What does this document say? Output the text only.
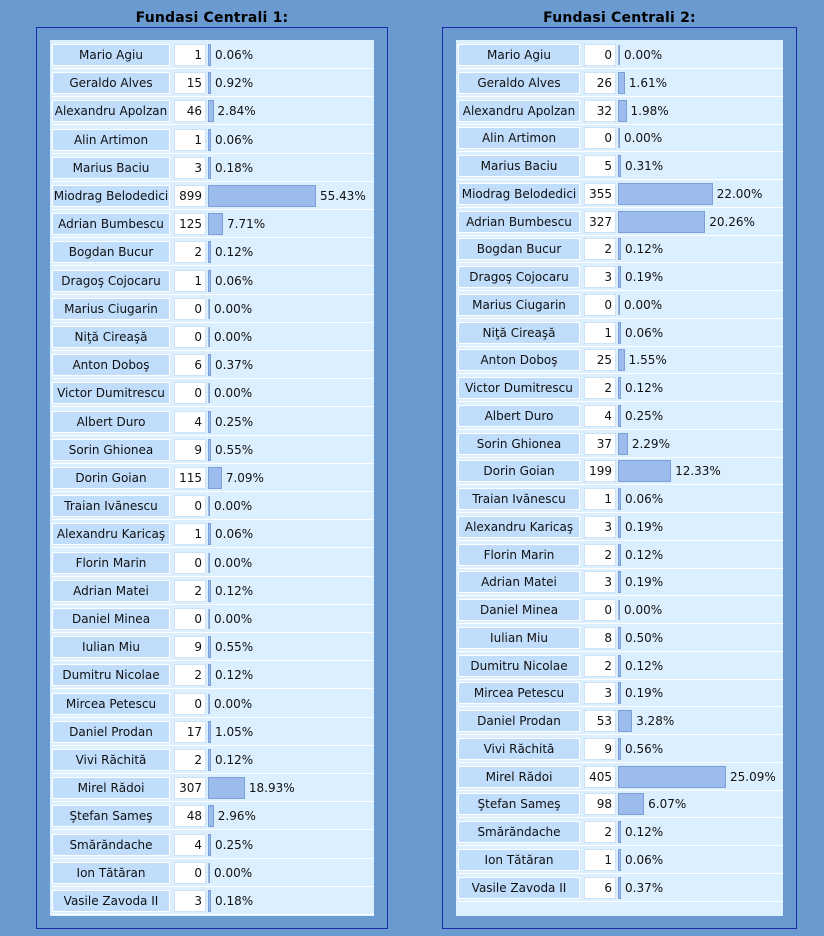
Fundasi Centrali 1:
Mario Agiu	1	0.06%
Geraldo Alves	15	0.92%
Alexandru Apolzan	46	2.84%
Alin Artimon	1	0.06%
Marius Baciu	3	0.18%
Miodrag Belodedici 899	55.43%
Adrian Bumbescu	125	7.71%
Bogdan Bucur	2	0.12%
Dragoş Cojocaru	1	0.06%
Marius Ciugarin	0	0.00%
Niţă Cireaşă	0	0.00%
Anton Doboş	6	0.37%
Victor Dumitrescu	0	0.00%
Albert Duro	4	0.25%
Sorin Ghionea	9	0.55%
Dorin Goian	115	7.09%
Traian Ivănescu	0	0.00%
Alexandru Karicaş	1	0.06%
Florin Marin	0	0.00%
Adrian Matei	2	0.12%
Daniel Minea	0	0.00%
Iulian Miu	9	0.55%
Dumitru Nicolae	2	0.12%
Mircea Petescu	0	0.00%
Daniel Prodan	17	1.05%
Vivi Răchită	2	0.12%
Mirel Rădoi	307	18.93%
Ştefan Sameş	48	2.96%
Smărăndache	4	0.25%
Ion Tătăran	0	0.00%
Vasile Zavoda II	3	0.18%
Fundasi Centrali 2:
Mario Agiu	0	0.00%
Geraldo Alves	26	1.61%
Alexandru Apolzan	32	1.98%
Alin Artimon	0	0.00%
Marius Baciu	5	0.31%
Miodrag Belodedici	355	22.00%
Adrian Bumbescu	327	20.26%
Bogdan Bucur	2	0.12%
Dragoş Cojocaru	3	0.19%
Marius Ciugarin	0	0.00%
Niţă Cireaşă	1	0.06%
Anton Doboş	25	1.55%
Victor Dumitrescu	2	0.12%
Albert Duro	4	0.25%
Sorin Ghionea	37	2.29%
Dorin Goian	199	12.33%
Traian Ivănescu	1	0.06%
Alexandru Karicaş	3	0.19%
Florin Marin	2	0.12%
Adrian Matei	3	0.19%
Daniel Minea	0	0.00%
Iulian Miu	8	0.50%
Dumitru Nicolae	2	0.12%
Mircea Petescu	3	0.19%
Daniel Prodan	53	3.28%
Vivi Răchită	9	0.56%
Mirel Rădoi	405	25.09%
Ştefan Sameş	98	6.07%
Smărăndache	2	0.12%
Ion Tătăran	1	0.06%
Vasile Zavoda II	6	0.37%
